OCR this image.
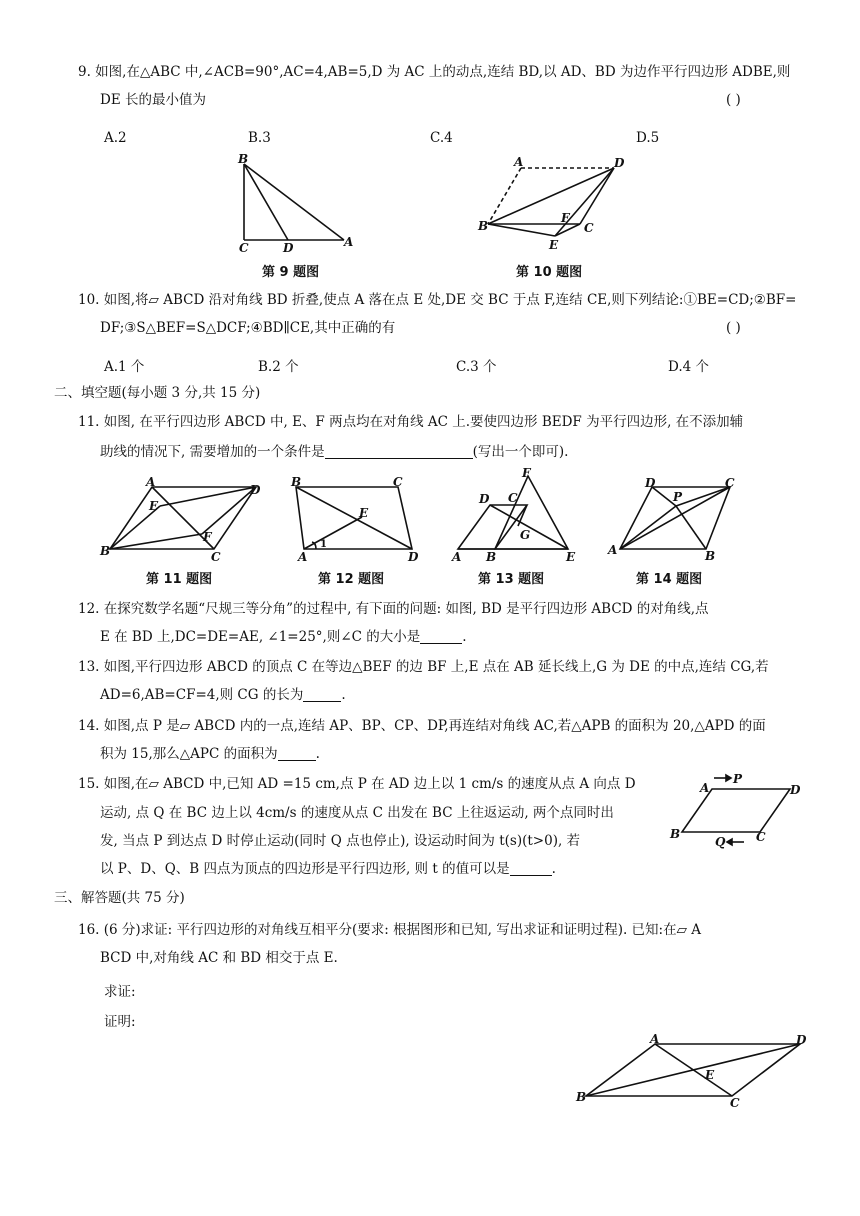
9. 如图,在△ABC 中,∠ACB=90°,AC=4,AB=5,D 为 AC 上的动点,连结 BD,以 AD、BD 为边作平行四边形 ADBE,则
DE 长的最小值为	( )
A.2	B.3	C.4	D.5
B
C	D	A
第 9 题图
A	D
B
F
C
E
第 10 题图
10. 如图,将▱ ABCD 沿对角线 BD 折叠,使点 A 落在点 E 处,DE 交 BC 于点 F,连结 CE,则下列结论:①BE=CD;②BF=
DF;③S△BEF=S△DCF;④BD∥CE,其中正确的有	( )
A.1 个	B.2 个	C.3 个	D.4 个
二、填空题(每小题 3 分,共 15 分)
11. 如图, 在平行四边形 ABCD 中, E、F 两点均在对角线 AC 上.要使四边形 BEDF 为平行四边形, 在不添加辅
助线的情况下, 需要增加的一个条件是	(写出一个即可).
A
D
E
F
B	C
B	C
E
1
A	D
F
D C
G
A B	E
D	C
P
A	B
第 11 题图	第 12 题图	第 13 题图	第 14 题图
12. 在探究数学名题“尺规三等分角”的过程中, 有下面的问题: 如图, BD 是平行四边形 ABCD 的对角线,点
E 在 BD 上,DC=DE=AE, ∠1=25°,则∠C 的大小是	.
13. 如图,平行四边形 ABCD 的顶点 C 在等边△BEF 的边 BF 上,E 点在 AB 延长线上,G 为 DE 的中点,连结 CG,若
AD=6,AB=CF=4,则 CG 的长为	.
14. 如图,点 P 是▱ ABCD 内的一点,连结 AP、BP、CP、DP,再连结对角线 AC,若△APB 的面积为 20,△APD 的面
积为 15,那么△APC 的面积为	.
15. 如图,在▱ ABCD 中,已知 AD =15 cm,点 P 在 AD 边上以 1 cm/s 的速度从点 A 向点 D
运动, 点 Q 在 BC 边上以 4cm/s 的速度从点 C 出发在 BC 上往返运动, 两个点同时出
发, 当点 P 到达点 D 时停止运动(同时 Q 点也停止), 设运动时间为 t(s)(t>0), 若
以 P、D、Q、B 四点为顶点的四边形是平行四边形, 则 t 的值可以是	.
A
P
D
B
Q	C
三、解答题(共 75 分)
16. (6 分)求证: 平行四边形的对角线互相平分(要求: 根据图形和已知, 写出求证和证明过程). 已知:在▱ A
BCD 中,对角线 AC 和 BD 相交于点 E.
求证:
证明:
A	D
E
B	C
